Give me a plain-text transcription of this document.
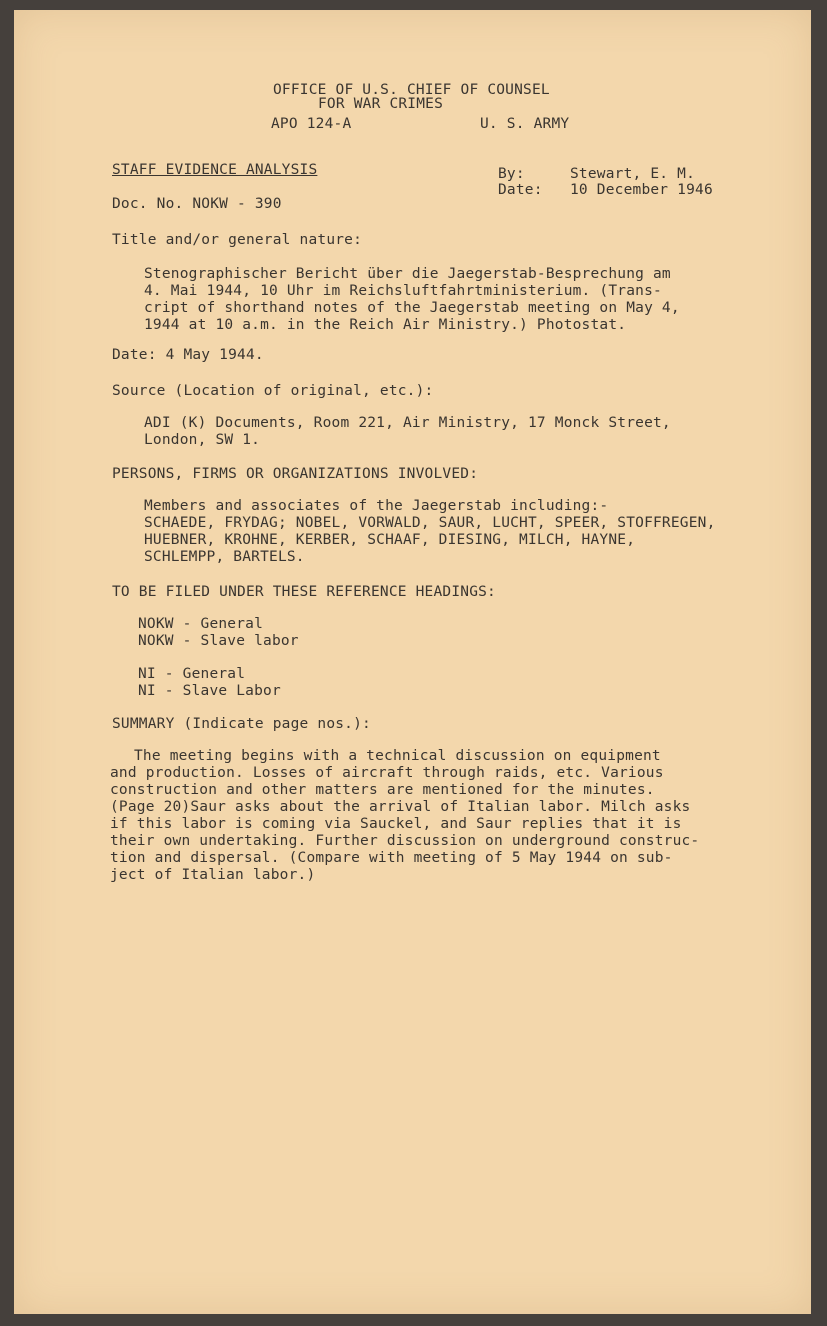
OFFICE OF U.S. CHIEF OF COUNSEL
FOR WAR CRIMES
APO 124-A	U. S. ARMY
STAFF EVIDENCE ANALYSIS	By:	Stewart, E. M.
Date: 10 December 1946
Doc. No. NOKW - 390
Title and/or general nature:
Stenographischer Bericht über die Jaegerstab-Besprechung am
4. Mai 1944, 10 Uhr im Reichsluftfahrtministerium. (Trans-
cript of shorthand notes of the Jaegerstab meeting on May 4,
1944 at 10 a.m. in the Reich Air Ministry.) Photostat.
Date: 4 May 1944.
Source (Location of original, etc.):
ADI (K) Documents, Room 221, Air Ministry, 17 Monck Street,
London, SW 1.
PERSONS, FIRMS OR ORGANIZATIONS INVOLVED:
Members and associates of the Jaegerstab including:-
SCHAEDE, FRYDAG; NOBEL, VORWALD, SAUR, LUCHT, SPEER, STOFFREGEN,
HUEBNER, KROHNE, KERBER, SCHAAF, DIESING, MILCH, HAYNE,
SCHLEMPP, BARTELS.
TO BE FILED UNDER THESE REFERENCE HEADINGS:
NOKW - General
NOKW - Slave labor
NI - General
NI - Slave Labor
SUMMARY (Indicate page nos.):
The meeting begins with a technical discussion on equipment
and production. Losses of aircraft through raids, etc. Various
construction and other matters are mentioned for the minutes.
(Page 20)Saur asks about the arrival of Italian labor. Milch asks
if this labor is coming via Sauckel, and Saur replies that it is
their own undertaking. Further discussion on underground construc-
tion and dispersal. (Compare with meeting of 5 May 1944 on sub-
ject of Italian labor.)
